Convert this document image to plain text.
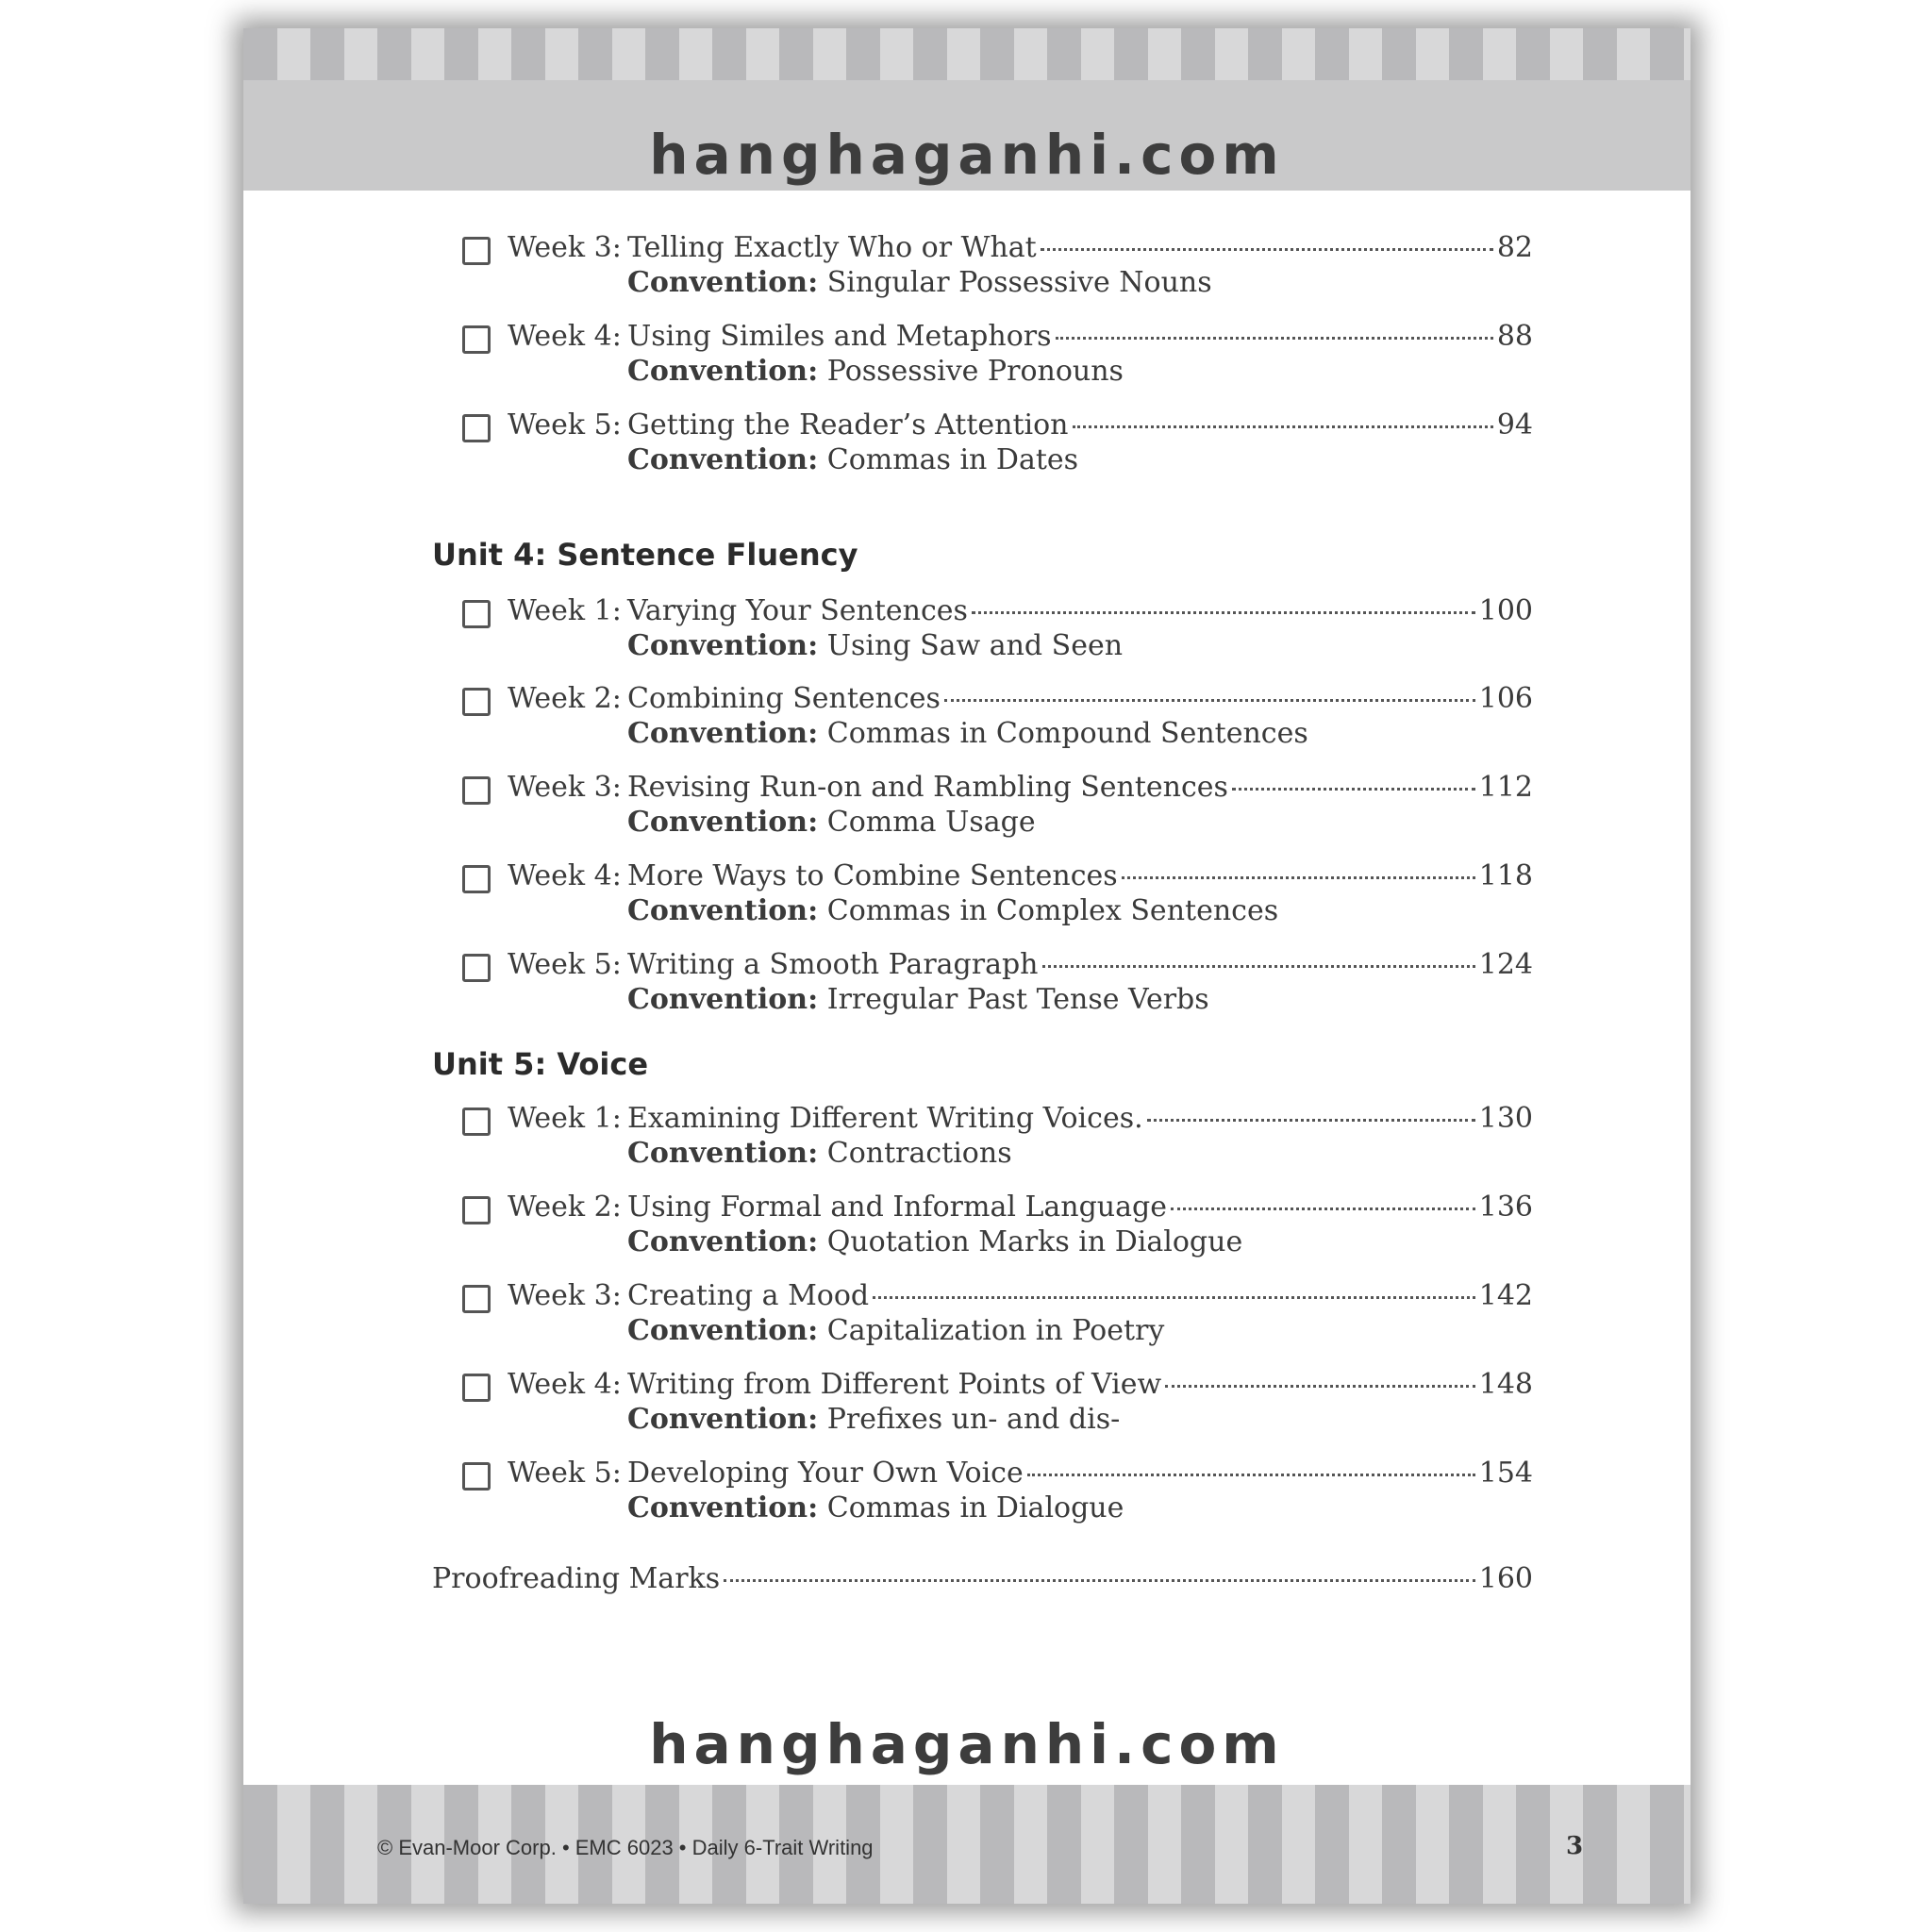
hanghaganhi.com
Week 3: Telling Exactly Who or What	82
Convention: Singular Possessive Nouns
Week 4: Using Similes and Metaphors	88
Convention: Possessive Pronouns
Week 5: Getting the Reader’s Attention	94
Convention: Commas in Dates
Unit 4: Sentence Fluency
Week 1: Varying Your Sentences	100
Convention: Using Saw and Seen
Week 2: Combining Sentences	106
Convention: Commas in Compound Sentences
Week 3: Revising Run-on and Rambling Sentences	112
Convention: Comma Usage
Week 4: More Ways to Combine Sentences	118
Convention: Commas in Complex Sentences
Week 5: Writing a Smooth Paragraph	124
Convention: Irregular Past Tense Verbs
Unit 5: Voice
Week 1: Examining Different Writing Voices.	130
Convention: Contractions
Week 2: Using Formal and Informal Language	136
Convention: Quotation Marks in Dialogue
Week 3: Creating a Mood	142
Convention: Capitalization in Poetry
Week 4: Writing from Different Points of View	148
Convention: Prefixes un- and dis-
Week 5: Developing Your Own Voice	154
Convention: Commas in Dialogue
Proofreading Marks	160
hanghaganhi.com
© Evan-Moor Corp. • EMC 6023 • Daily 6-Trait Writing	3
